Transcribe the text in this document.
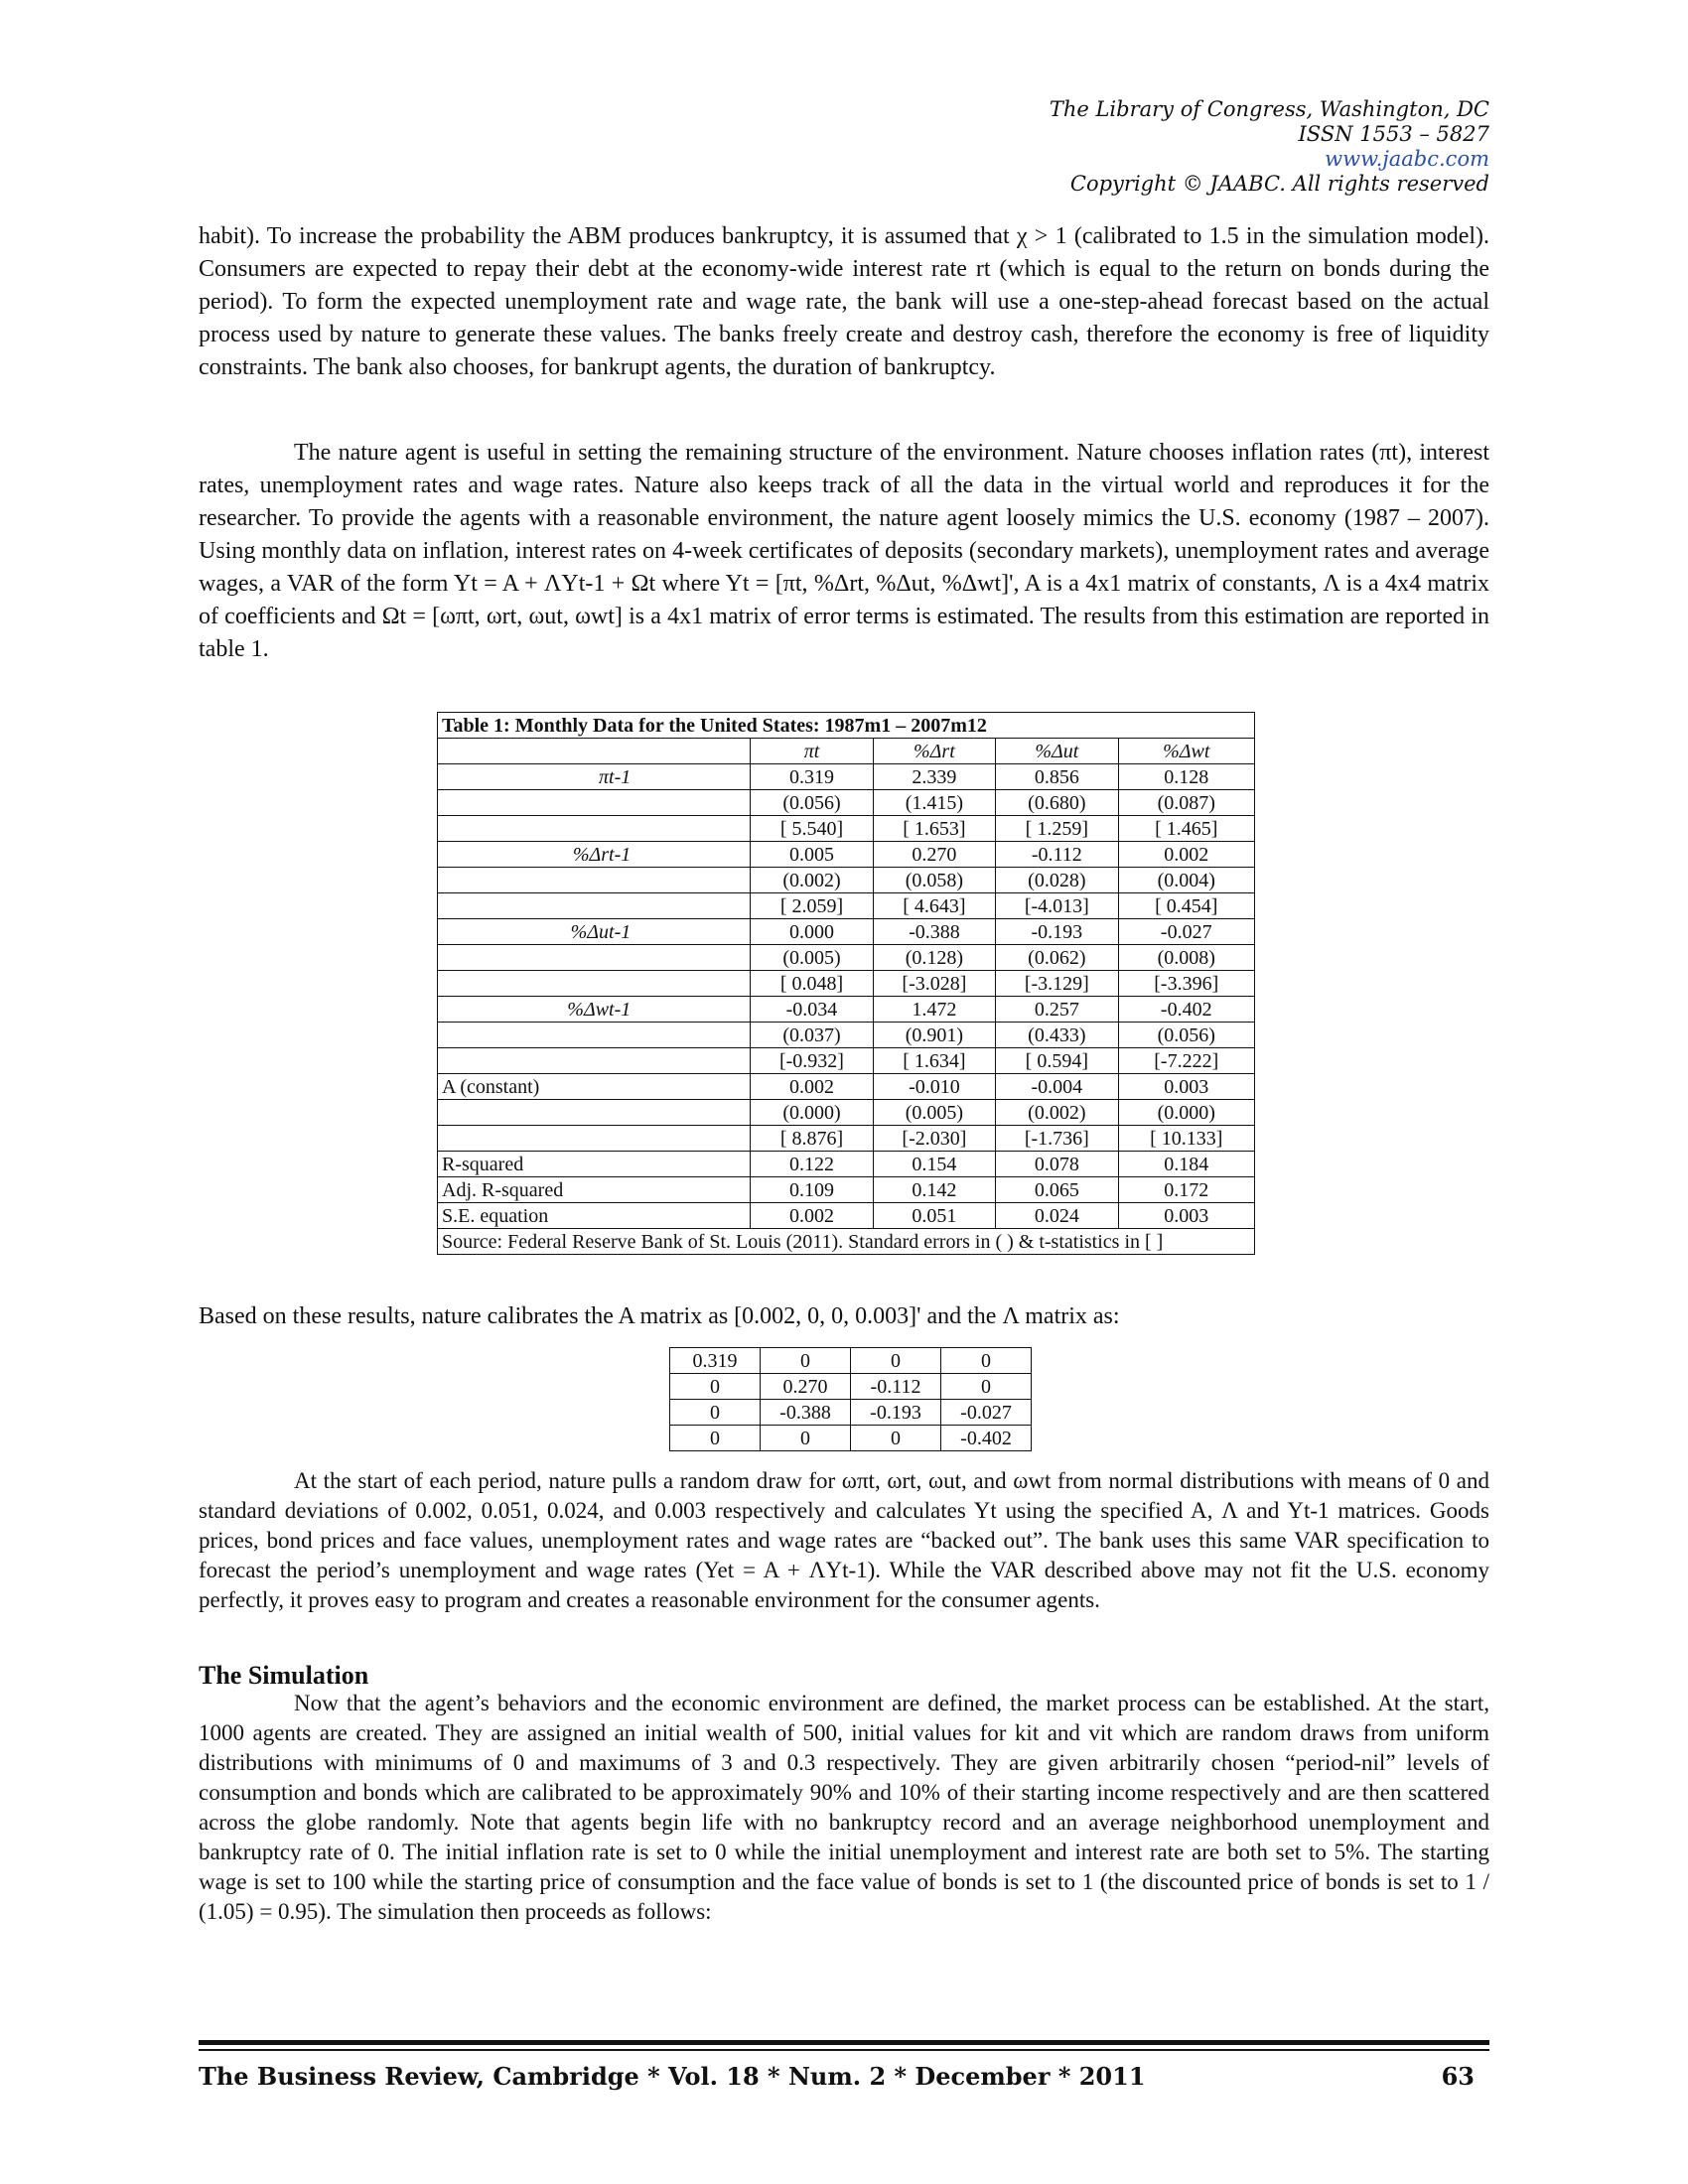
The Library of Congress, Washington, DC
ISSN 1553 – 5827
www.jaabc.com
Copyright © JAABC. All rights reserved

habit). To increase the probability the ABM produces bankruptcy, it is assumed that χ > 1 (calibrated to 1.5 in the simulation model). Consumers are expected to repay their debt at the economy-wide interest rate rt (which is equal to the return on bonds during the period). To form the expected unemployment rate and wage rate, the bank will use a one-step-ahead forecast based on the actual process used by nature to generate these values. The banks freely create and destroy cash, therefore the economy is free of liquidity constraints. The bank also chooses, for bankrupt agents, the duration of bankruptcy.

The nature agent is useful in setting the remaining structure of the environment. Nature chooses inflation rates (πt), interest rates, unemployment rates and wage rates. Nature also keeps track of all the data in the virtual world and reproduces it for the researcher. To provide the agents with a reasonable environment, the nature agent loosely mimics the U.S. economy (1987 – 2007). Using monthly data on inflation, interest rates on 4-week certificates of deposits (secondary markets), unemployment rates and average wages, a VAR of the form Yt = A + ΛYt-1 + Ωt where Yt = [πt, %Δrt, %Δut, %Δwt]', A is a 4x1 matrix of constants, Λ is a 4x4 matrix of coefficients and Ωt = [ωπt, ωrt, ωut, ωwt] is a 4x1 matrix of error terms is estimated. The results from this estimation are reported in table 1.

Table 1: Monthly Data for the United States: 1987m1 – 2007m12				
	πt	%Δrt	%Δut	%Δwt
πt-1	0.319	2.339	0.856	0.128
	(0.056)	(1.415)	(0.680)	(0.087)
	[ 5.540]	[ 1.653]	[ 1.259]	[ 1.465]
%Δrt-1	0.005	0.270	-0.112	0.002
	(0.002)	(0.058)	(0.028)	(0.004)
	[ 2.059]	[ 4.643]	[-4.013]	[ 0.454]
%Δut-1	0.000	-0.388	-0.193	-0.027
	(0.005)	(0.128)	(0.062)	(0.008)
	[ 0.048]	[-3.028]	[-3.129]	[-3.396]
%Δwt-1	-0.034	1.472	0.257	-0.402
	(0.037)	(0.901)	(0.433)	(0.056)
	[-0.932]	[ 1.634]	[ 0.594]	[-7.222]
A (constant)	0.002	-0.010	-0.004	0.003
	(0.000)	(0.005)	(0.002)	(0.000)
	[ 8.876]	[-2.030]	[-1.736]	[ 10.133]
R-squared	0.122	0.154	0.078	0.184
Adj. R-squared	0.109	0.142	0.065	0.172
S.E. equation	0.002	0.051	0.024	0.003
Source: Federal Reserve Bank of St. Louis (2011). Standard errors in ( ) & t-statistics in [ ]				

Based on these results, nature calibrates the A matrix as [0.002, 0, 0, 0.003]' and the Λ matrix as:

0.319	0	0	0
0	0.270	-0.112	0
0	-0.388	-0.193	-0.027
0	0	0	-0.402

At the start of each period, nature pulls a random draw for ωπt, ωrt, ωut, and ωwt from normal distributions with means of 0 and standard deviations of 0.002, 0.051, 0.024, and 0.003 respectively and calculates Yt using the specified A, Λ and Yt-1 matrices. Goods prices, bond prices and face values, unemployment rates and wage rates are “backed out”. The bank uses this same VAR specification to forecast the period’s unemployment and wage rates (Yet = A + ΛYt-1). While the VAR described above may not fit the U.S. economy perfectly, it proves easy to program and creates a reasonable environment for the consumer agents.

The Simulation

Now that the agent’s behaviors and the economic environment are defined, the market process can be established. At the start, 1000 agents are created. They are assigned an initial wealth of 500, initial values for kit and vit which are random draws from uniform distributions with minimums of 0 and maximums of 3 and 0.3 respectively. They are given arbitrarily chosen “period-nil” levels of consumption and bonds which are calibrated to be approximately 90% and 10% of their starting income respectively and are then scattered across the globe randomly. Note that agents begin life with no bankruptcy record and an average neighborhood unemployment and bankruptcy rate of 0. The initial inflation rate is set to 0 while the initial unemployment and interest rate are both set to 5%. The starting wage is set to 100 while the starting price of consumption and the face value of bonds is set to 1 (the discounted price of bonds is set to 1 / (1.05) = 0.95). The simulation then proceeds as follows:

The Business Review, Cambridge * Vol. 18 * Num. 2 * December * 2011	63
